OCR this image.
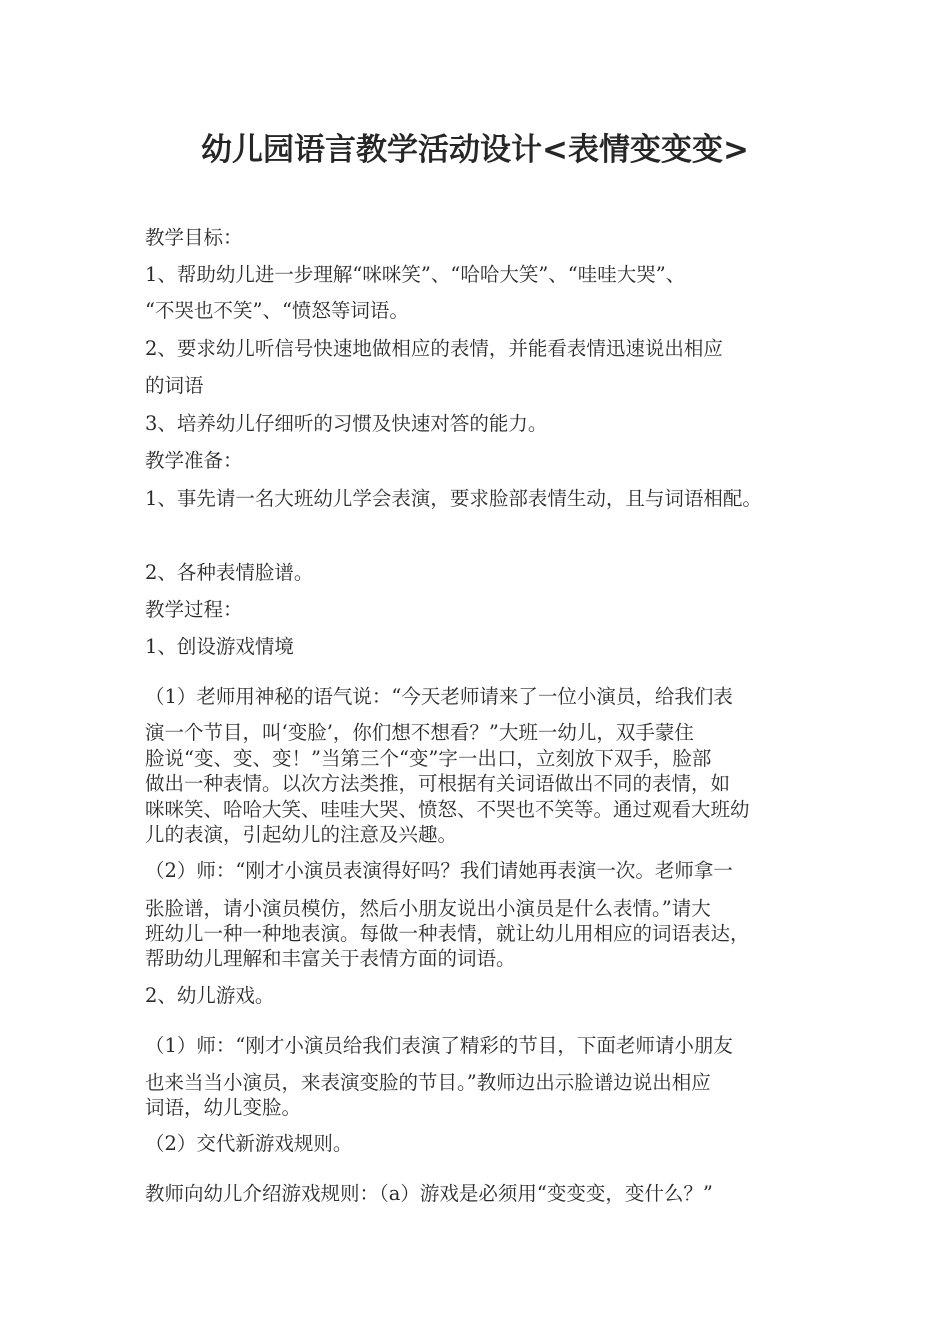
幼儿园语言教学活动设计<表情变变变>

教学目标：

1、帮助幼儿进一步理解“咪咪笑”、“哈哈大笑”、“哇哇大哭”、

“不哭也不笑”、“愤怒等词语。

2、要求幼儿听信号快速地做相应的表情，并能看表情迅速说出相应

的词语

3、培养幼儿仔细听的习惯及快速对答的能力。

教学准备：

1、事先请一名大班幼儿学会表演，要求脸部表情生动，且与词语相配。

2、各种表情脸谱。

教学过程：

1、创设游戏情境

（1）老师用神秘的语气说：“今天老师请来了一位小演员，给我们表

演一个节目，叫‘变脸’，你们想不想看？”大班一幼儿，双手蒙住

脸说“变、变、变！”当第三个“变”字一出口，立刻放下双手，脸部

做出一种表情。以次方法类推，可根据有关词语做出不同的表情，如

咪咪笑、哈哈大笑、哇哇大哭、愤怒、不哭也不笑等。通过观看大班幼

儿的表演，引起幼儿的注意及兴趣。

（2）师：“刚才小演员表演得好吗？我们请她再表演一次。老师拿一

张脸谱，请小演员模仿，然后小朋友说出小演员是什么表情。”请大

班幼儿一种一种地表演。每做一种表情，就让幼儿用相应的词语表达，

帮助幼儿理解和丰富关于表情方面的词语。

2、幼儿游戏。

（1）师：“刚才小演员给我们表演了精彩的节目，下面老师请小朋友

也来当当小演员，来表演变脸的节目。”教师边出示脸谱边说出相应

词语，幼儿变脸。

（2）交代新游戏规则。

教师向幼儿介绍游戏规则：（a）游戏是必须用“变变变，变什么？”
